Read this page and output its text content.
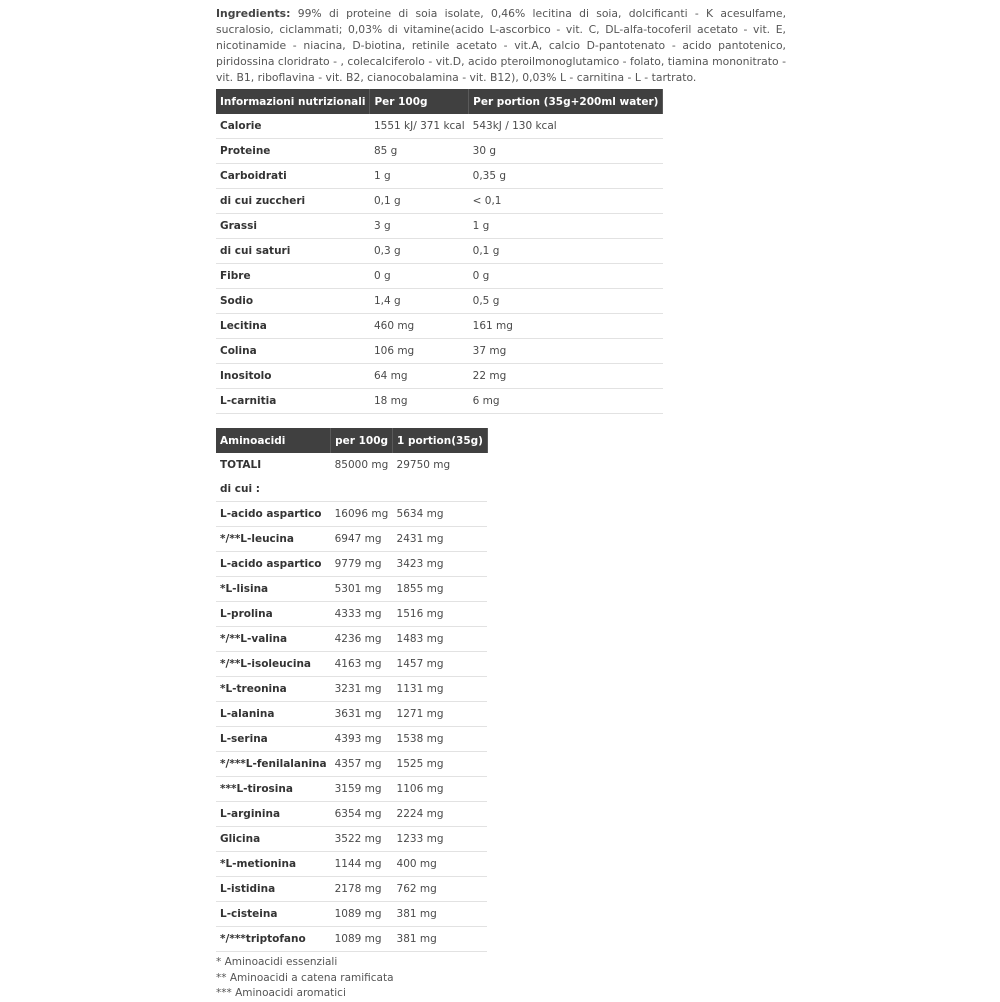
Ingredients: 99% di proteine di soia isolate, 0,46% lecitina di soia, dolcificanti - K acesulfame, sucralosio, ciclammati; 0,03% di vitamine(acido L-ascorbico - vit. C, DL-alfa-tocoferil acetato - vit. E, nicotinamide - niacina, D-biotina, retinile acetato - vit.A, calcio D-pantotenato - acido pantotenico, piridossina cloridrato - , colecalciferolo - vit.D, acido pteroilmonoglutamico - folato, tiamina mononitrato - vit. B1, riboflavina - vit. B2, cianocobalamina - vit. B12), 0,03% L - carnitina - L - tartrato.

Informazioni nutrizionali	Per 100g	Per portion (35g+200ml water)
Calorie	1551 kJ/ 371 kcal	543kJ / 130 kcal
Proteine	85 g	30 g
Carboidrati	1 g	0,35 g
di cui zuccheri	0,1 g	< 0,1
Grassi	3 g	1 g
di cui saturi	0,3 g	0,1 g
Fibre	0 g	0 g
Sodio	1,4 g	0,5 g
Lecitina	460 mg	161 mg
Colina	106 mg	37 mg
Inositolo	64 mg	22 mg
L-carnitia	18 mg	6 mg
Aminoacidi	per 100g	1 portion(35g)
TOTALI	85000 mg	29750 mg
di cui :		
L-acido aspartico	16096 mg	5634 mg
*/**L-leucina	6947 mg	2431 mg
L-acido aspartico	9779 mg	3423 mg
*L-lisina	5301 mg	1855 mg
L-prolina	4333 mg	1516 mg
*/**L-valina	4236 mg	1483 mg
*/**L-isoleucina	4163 mg	1457 mg
*L-treonina	3231 mg	1131 mg
L-alanina	3631 mg	1271 mg
L-serina	4393 mg	1538 mg
*/***L-fenilalanina	4357 mg	1525 mg
***L-tirosina	3159 mg	1106 mg
L-arginina	6354 mg	2224 mg
Glicina	3522 mg	1233 mg
*L-metionina	1144 mg	400 mg
L-istidina	2178 mg	762 mg
L-cisteina	1089 mg	381 mg
*/***triptofano	1089 mg	381 mg
* Aminoacidi essenziali
** Aminoacidi a catena ramificata
*** Aminoacidi aromatici
